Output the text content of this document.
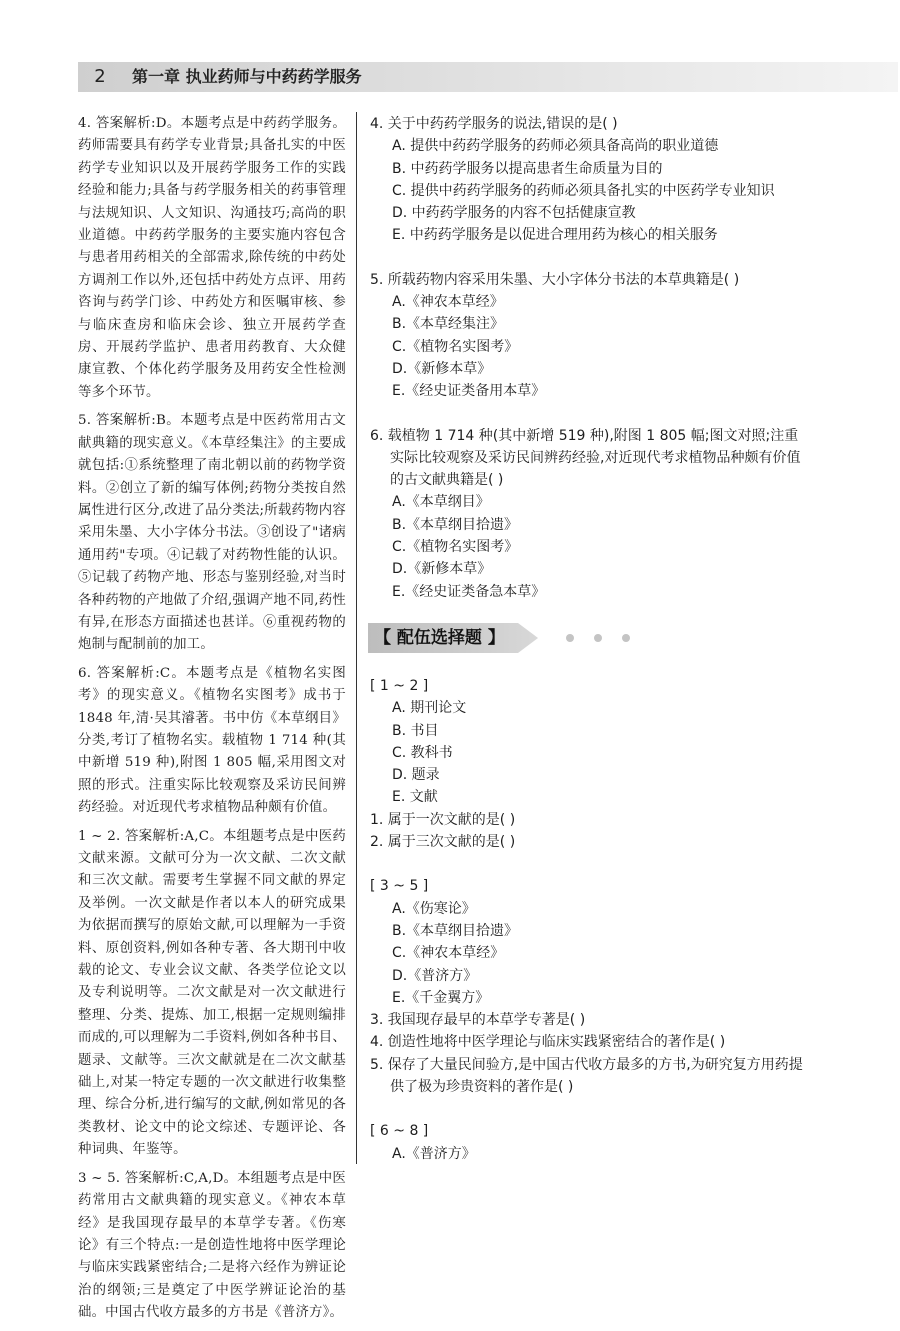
2	第一章 执业药师与中药药学服务

4. 答案解析:D。本题考点是中药药学服务。药师需要具有药学专业背景;具备扎实的中医药学专业知识以及开展药学服务工作的实践经验和能力;具备与药学服务相关的药事管理与法规知识、人文知识、沟通技巧;高尚的职业道德。中药药学服务的主要实施内容包含与患者用药相关的全部需求,除传统的中药处方调剂工作以外,还包括中药处方点评、用药咨询与药学门诊、中药处方和医嘱审核、参与临床查房和临床会诊、独立开展药学查房、开展药学监护、患者用药教育、大众健康宣教、个体化药学服务及用药安全性检测等多个环节。

5. 答案解析:B。本题考点是中医药常用古文献典籍的现实意义。《本草经集注》的主要成就包括:①系统整理了南北朝以前的药物学资料。②创立了新的编写体例;药物分类按自然属性进行区分,改进了品分类法;所载药物内容采用朱墨、大小字体分书法。③创设了"诸病通用药"专项。④记载了对药物性能的认识。⑤记载了药物产地、形态与鉴别经验,对当时各种药物的产地做了介绍,强调产地不同,药性有异,在形态方面描述也甚详。⑥重视药物的炮制与配制前的加工。

6. 答案解析:C。本题考点是《植物名实图考》的现实意义。《植物名实图考》成书于 1848 年,清·吴其濬著。书中仿《本草纲目》分类,考订了植物名实。载植物 1 714 种(其中新增 519 种),附图 1 805 幅,采用图文对照的形式。注重实际比较观察及采访民间辨药经验。对近现代考求植物品种颇有价值。

1 ~ 2. 答案解析:A,C。本组题考点是中医药文献来源。文献可分为一次文献、二次文献和三次文献。需要考生掌握不同文献的界定及举例。一次文献是作者以本人的研究成果为依据而撰写的原始文献,可以理解为一手资料、原创资料,例如各种专著、各大期刊中收载的论文、专业会议文献、各类学位论文以及专利说明等。二次文献是对一次文献进行整理、分类、提炼、加工,根据一定规则编排而成的,可以理解为二手资料,例如各种书目、题录、文献等。三次文献就是在二次文献基础上,对某一特定专题的一次文献进行收集整理、综合分析,进行编写的文献,例如常见的各类教材、论文中的论文综述、专题评论、各种词典、年鉴等。

3 ~ 5. 答案解析:C,A,D。本组题考点是中医药常用古文献典籍的现实意义。《神农本草经》是我国现存最早的本草学专著。《伤寒论》有三个特点:一是创造性地将中医学理论与临床实践紧密结合;二是将六经作为辨证论治的纲领;三是奠定了中医学辨证论治的基础。中国古代收方最多的方书是《普济方》。

4. 关于中药药学服务的说法,错误的是( )
A. 提供中药药学服务的药师必须具备高尚的职业道德
B. 中药药学服务以提高患者生命质量为目的
C. 提供中药药学服务的药师必须具备扎实的中医药学专业知识
D. 中药药学服务的内容不包括健康宣教
E. 中药药学服务是以促进合理用药为核心的相关服务
5. 所载药物内容采用朱墨、大小字体分书法的本草典籍是( )
A.《神农本草经》
B.《本草经集注》
C.《植物名实图考》
D.《新修本草》
E.《经史证类备用本草》
6. 载植物 1 714 种(其中新增 519 种),附图 1 805 幅;图文对照;注重实际比较观察及采访民间辨药经验,对近现代考求植物品种颇有价值的古文献典籍是( )
A.《本草纲目》
B.《本草纲目拾遗》
C.《植物名实图考》
D.《新修本草》
E.《经史证类备急本草》
【 配伍选择题 】
[ 1 ~ 2 ]
A. 期刊论文
B. 书目
C. 教科书
D. 题录
E. 文献
1. 属于一次文献的是( )
2. 属于三次文献的是( )
[ 3 ~ 5 ]
A.《伤寒论》
B.《本草纲目拾遗》
C.《神农本草经》
D.《普济方》
E.《千金翼方》
3. 我国现存最早的本草学专著是( )
4. 创造性地将中医学理论与临床实践紧密结合的著作是( )
5. 保存了大量民间验方,是中国古代收方最多的方书,为研究复方用药提供了极为珍贵资料的著作是( )
[ 6 ~ 8 ]
A.《普济方》
